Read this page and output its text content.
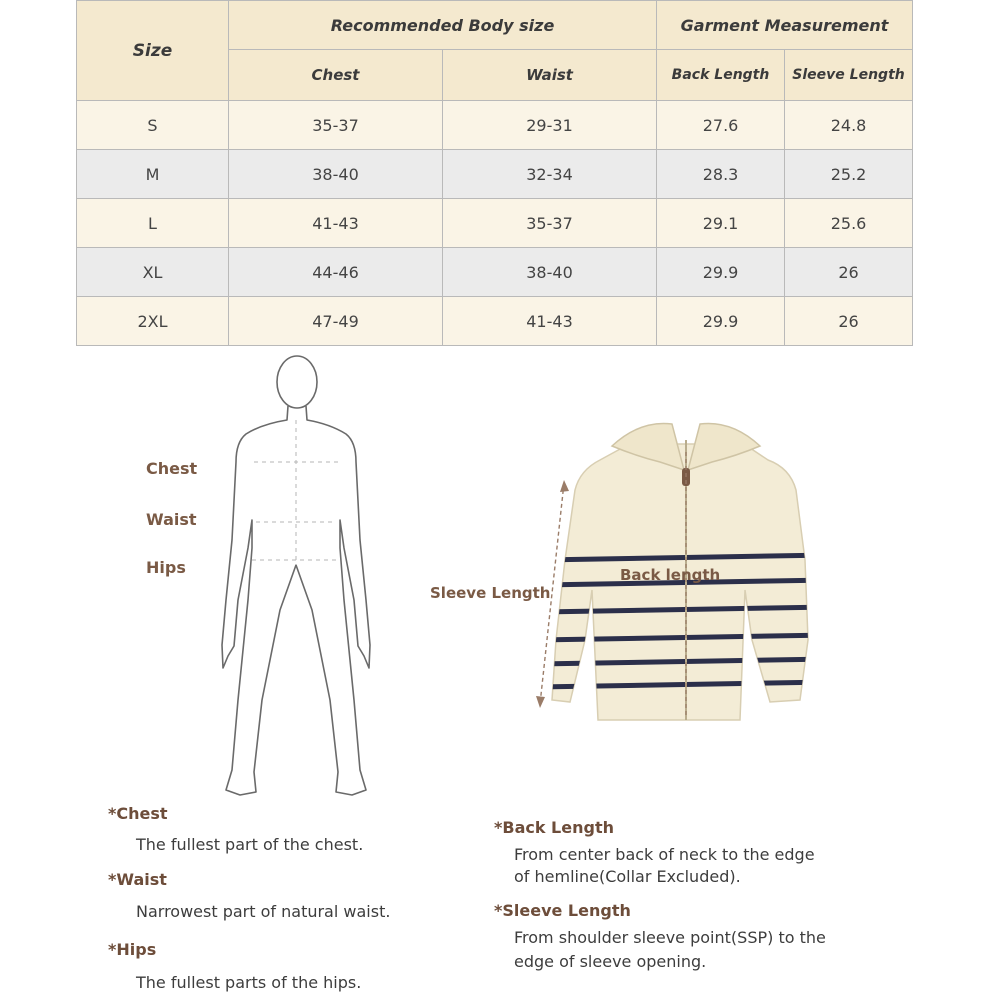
Size	Recommended Body size		Garment Measurement	
	Chest	Waist	Back Length	Sleeve Length
S	35-37	29-31	27.6	24.8
M	38-40	32-34	28.3	25.2
L	41-43	35-37	29.1	25.6
XL	44-46	38-40	29.9	26
2XL	47-49	41-43	29.9	26
Chest
Waist
Hips
Sleeve Length
Back length
*Chest
The fullest part of the chest.
*Waist
Narrowest part of natural waist.
*Hips
The fullest parts of the hips.
*Back Length
From center back of neck to the edge
of hemline(Collar Excluded).
*Sleeve Length
From shoulder sleeve point(SSP) to the
edge of sleeve opening.
